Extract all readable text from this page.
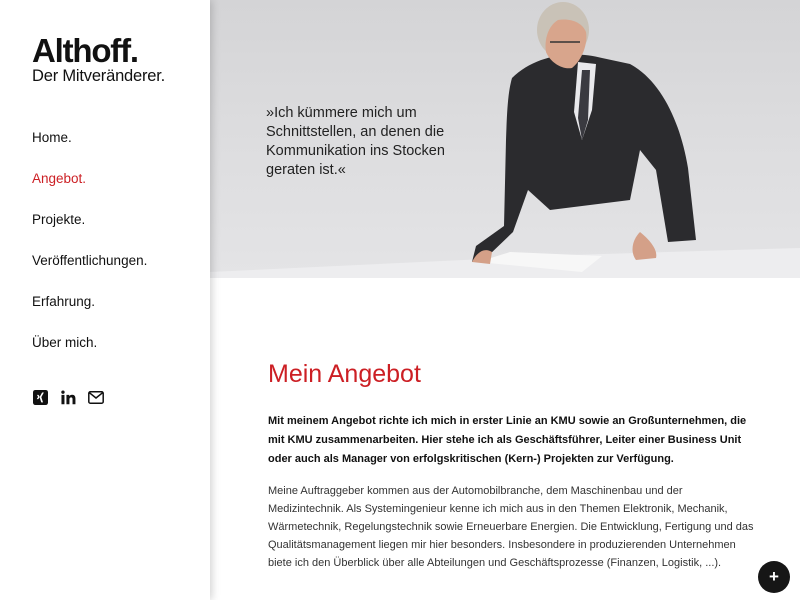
Althoff.
Der Mitveränderer.
Home.
Angebot.
Projekte.
Veröffentlichungen.
Erfahrung.
Über mich.

»Ich kümmere mich um Schnittstellen, an denen die Kommunikation ins Stocken geraten ist.«

Mein Angebot

Mit meinem Angebot richte ich mich in erster Linie an KMU sowie an Großunternehmen, die mit KMU zusammenarbeiten. Hier stehe ich als Geschäftsführer, Leiter einer Business Unit oder auch als Manager von erfolgskritischen (Kern-) Projekten zur Verfügung.

Meine Auftraggeber kommen aus der Automobilbranche, dem Maschinenbau und der Medizintechnik. Als Systemingenieur kenne ich mich aus in den Themen Elektronik, Mechanik, Wärmetechnik, Regelungstechnik sowie Erneuerbare Energien. Die Entwicklung, Fertigung und das Qualitätsmanagement liegen mir hier besonders. Insbesondere in produzierenden Unternehmen biete ich den Überblick über alle Abteilungen und Geschäftsprozesse (Finanzen, Logistik, ...).

+
